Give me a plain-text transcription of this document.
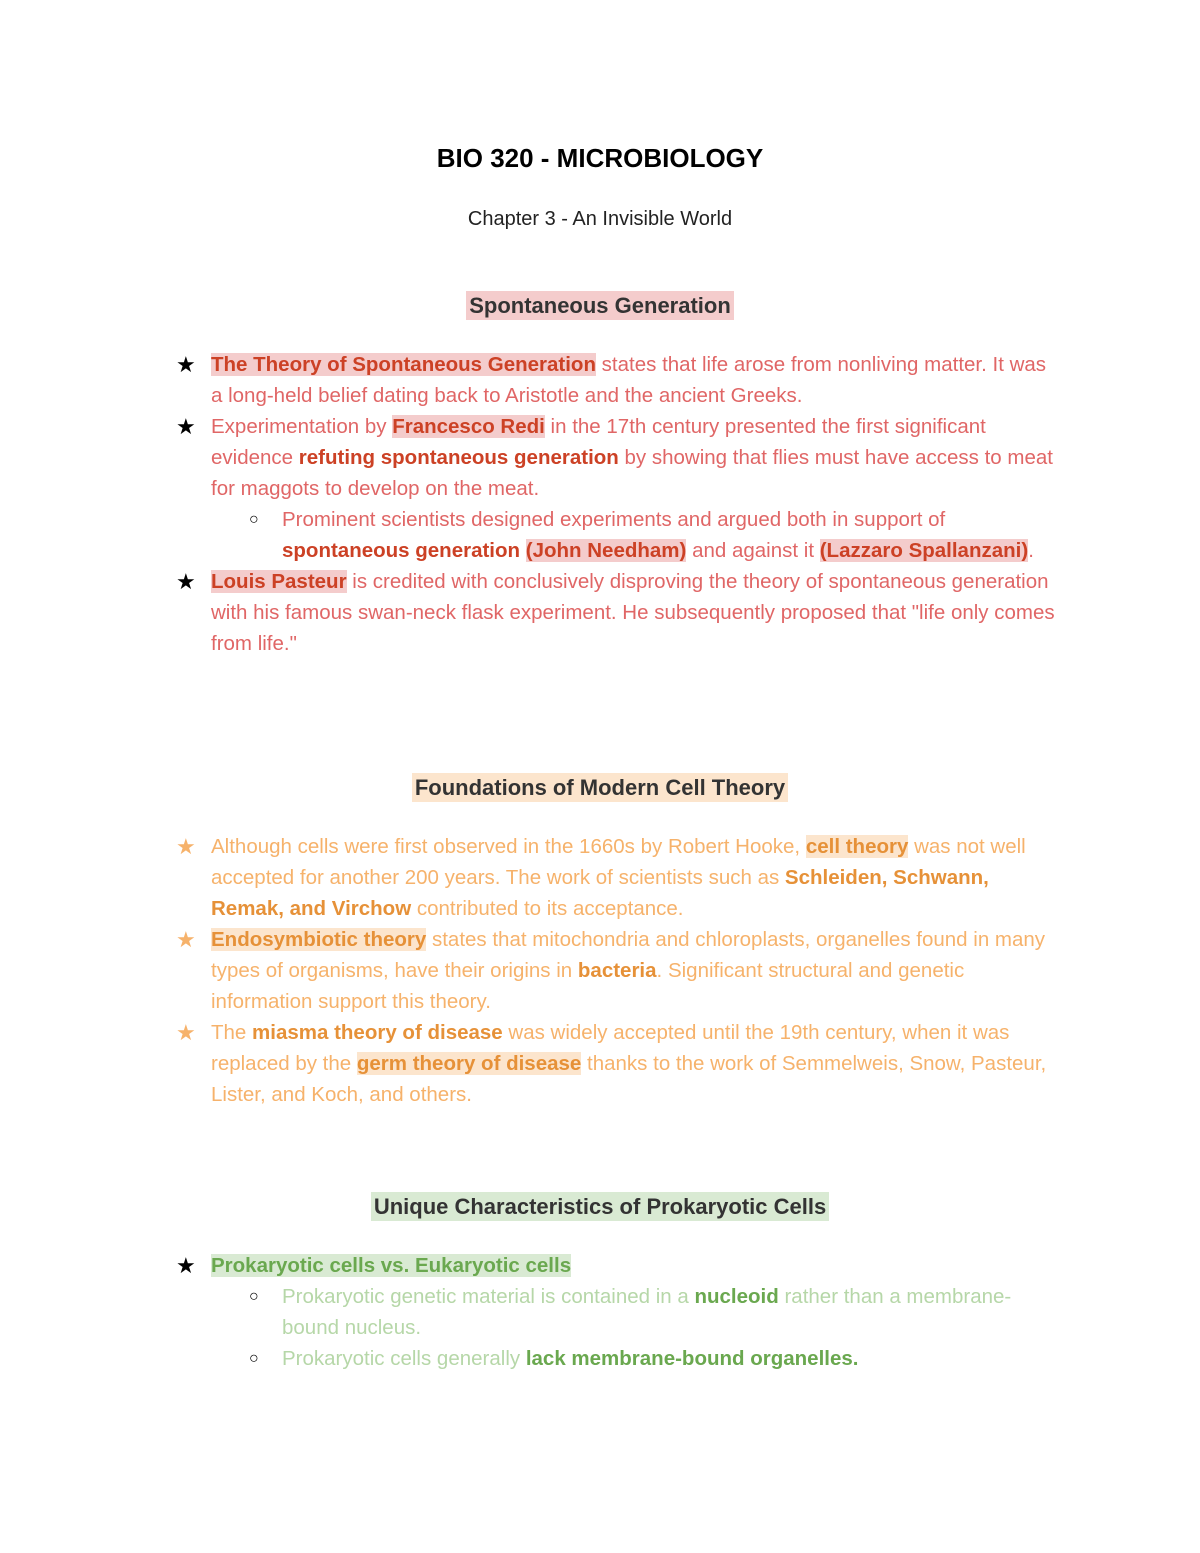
BIO 320 - MICROBIOLOGY
Chapter 3 - An Invisible World
Spontaneous Generation
★ The Theory of Spontaneous Generation states that life arose from nonliving matter. It was a long-held belief dating back to Aristotle and the ancient Greeks.
★ Experimentation by Francesco Redi in the 17th century presented the first significant evidence refuting spontaneous generation by showing that flies must have access to meat for maggots to develop on the meat.
○ Prominent scientists designed experiments and argued both in support of spontaneous generation (John Needham) and against it (Lazzaro Spallanzani).
★ Louis Pasteur is credited with conclusively disproving the theory of spontaneous generation with his famous swan-neck flask experiment. He subsequently proposed that "life only comes from life."
Foundations of Modern Cell Theory
★ Although cells were first observed in the 1660s by Robert Hooke, cell theory was not well accepted for another 200 years. The work of scientists such as Schleiden, Schwann, Remak, and Virchow contributed to its acceptance.
★ Endosymbiotic theory states that mitochondria and chloroplasts, organelles found in many types of organisms, have their origins in bacteria. Significant structural and genetic information support this theory.
★ The miasma theory of disease was widely accepted until the 19th century, when it was replaced by the germ theory of disease thanks to the work of Semmelweis, Snow, Pasteur, Lister, and Koch, and others.
Unique Characteristics of Prokaryotic Cells
★ Prokaryotic cells vs. Eukaryotic cells
○ Prokaryotic genetic material is contained in a nucleoid rather than a membrane-bound nucleus.
○ Prokaryotic cells generally lack membrane-bound organelles.
